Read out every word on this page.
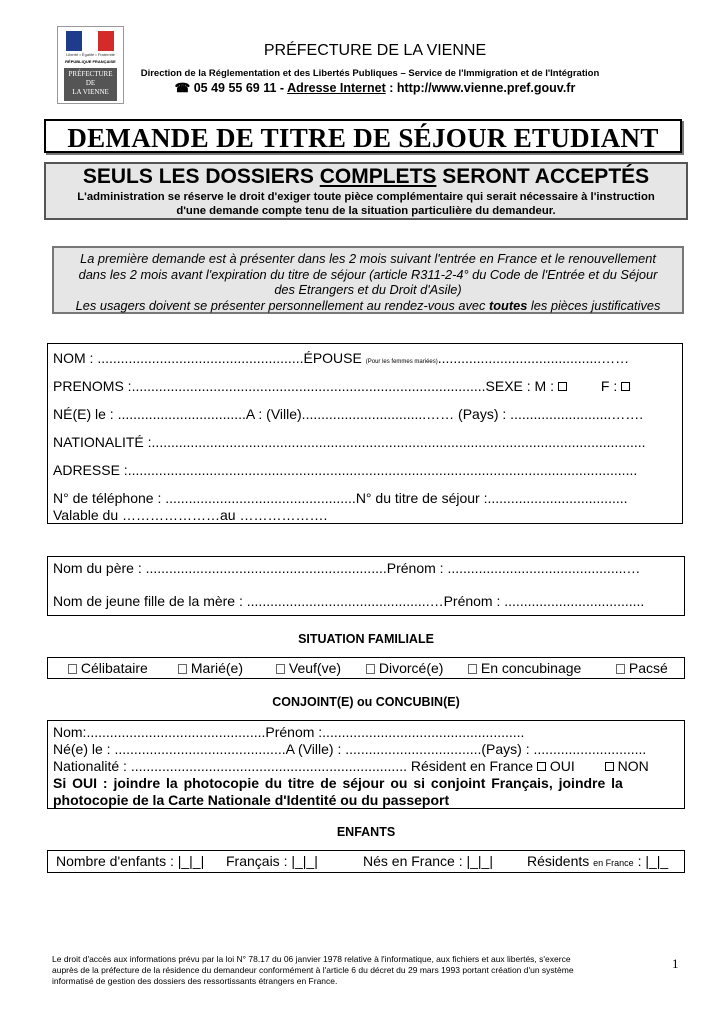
Liberté • Égalité • Fraternité
RÉPUBLIQUE FRANÇAISE
PRÉFECTURE
DE
LA VIENNE
PRÉFECTURE DE LA VIENNE
Direction de la Réglementation et des Libertés Publiques – Service de l'Immigration et de l'Intégration
☎ 05 49 55 69 11 - Adresse Internet : http://www.vienne.pref.gouv.fr
DEMANDE DE TITRE DE SÉJOUR ETUDIANT
SEULS LES DOSSIERS COMPLETS SERONT ACCEPTÉS
L'administration se réserve le droit d'exiger toute pièce complémentaire qui serait nécessaire à l'instruction
d'une demande compte tenu de la situation particulière du demandeur.
La première demande est à présenter dans les 2 mois suivant l'entrée en France et le renouvellement
dans les 2 mois avant l'expiration du titre de séjour (article R311-2-4° du Code de l'Entrée et du Séjour
des Etrangers et du Droit d'Asile)
Les usagers doivent se présenter personnellement au rendez-vous avec toutes les pièces justificatives
NOM : .....................................................ÉPOUSE (Pour les femmes mariées)..........................................……
PRENOMS :...........................................................................................SEXE : M :	F :
NÉ(E) le : .................................A : (Ville)................................…… (Pays) : ..........................…….
NATIONALITÉ :...............................................................................................................................
ADRESSE :...................................................................................................................................
N° de téléphone : .................................................N° du titre de séjour :....................................
Valable du …………………au ……………….
Nom du père : ..............................................................Prénom : ..............................................…
Nom de jeune fille de la mère : ...............................................…Prénom : ....................................
SITUATION FAMILIALE
Célibataire	Marié(e)	Veuf(ve)	Divorcé(e)	En concubinage	Pacsé
CONJOINT(E) ou CONCUBIN(E)
Nom:..............................................Prénom :....................................................
Né(e) le : ............................................A (Ville) : ...................................(Pays) : .............................
Nationalité : ....................................................................... Résident en France  OUI	NON
Si OUI : joindre la photocopie du titre de séjour ou si conjoint Français, joindre la
photocopie de la Carte Nationale d'Identité ou du passeport
ENFANTS
Nombre d'enfants : |_|_| Français : |_|_|	Nés en France : |_|_| Résidents en France : |_|_
Le droit d'accès aux informations prévu par la loi N° 78.17 du 06 janvier 1978 relative à l'informatique, aux fichiers et aux libertés, s'exerce
auprès de la préfecture de la résidence du demandeur conformément à l'article 6 du décret du 29 mars 1993 portant création d'un système
informatisé de gestion des dossiers des ressortissants étrangers en France.
1
